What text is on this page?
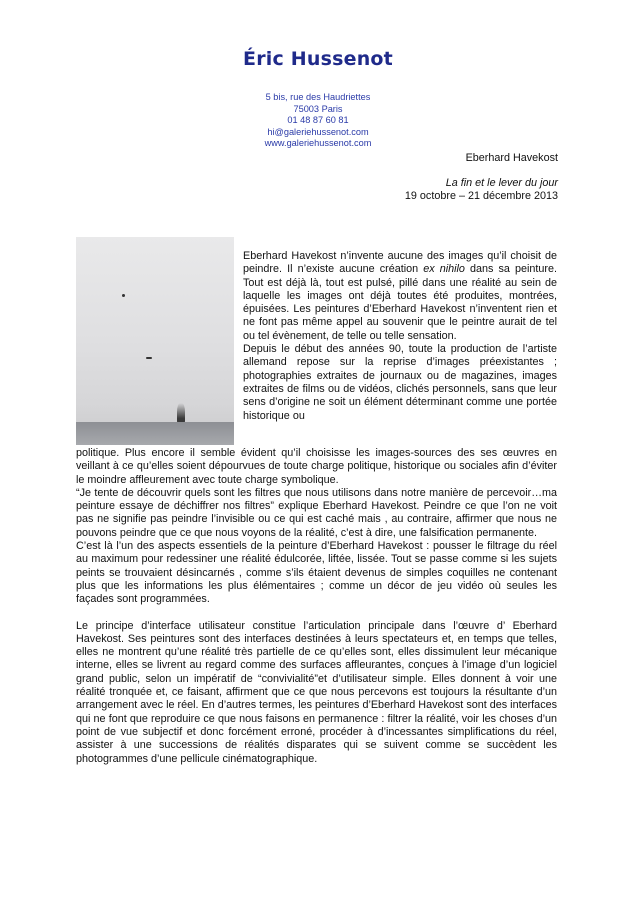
Éric Hussenot
5 bis, rue des Haudriettes
75003 Paris
01 48 87 60 81
hi@galeriehussenot.com
www.galeriehussenot.com
Eberhard Havekost
La fin et le lever du jour
19 octobre – 21 décembre 2013

Eberhard Havekost n’invente aucune des images qu’il choisit de peindre. Il n’existe aucune création ex nihilo dans sa peinture. Tout est déjà là, tout est pulsé, pillé dans une réalité au sein de laquelle les images ont déjà toutes été produites, montrées, épuisées. Les peintures d’Eberhard Havekost n’inventent rien et ne font pas même appel au souvenir que le peintre aurait de tel ou tel évènement, de telle ou telle sensation.

Depuis le début des années 90, toute la production de l’artiste allemand repose sur la reprise d’images préexistantes ; photographies extraites de journaux ou de magazines, images extraites de films ou de vidéos, clichés personnels, sans que leur sens d’origine ne soit un élément déterminant comme une portée historique ou

politique. Plus encore il semble évident qu’il choisisse les images-sources des ses œuvres en veillant à ce qu’elles soient dépourvues de toute charge politique, historique ou sociales afin d’éviter le moindre affleurement avec toute charge symbolique.

“Je tente de découvrir quels sont les filtres que nous utilisons dans notre manière de percevoir…ma peinture essaye de déchiffrer nos filtres” explique Eberhard Havekost. Peindre ce que l’on ne voit pas ne signifie pas peindre l’invisible ou ce qui est caché mais , au contraire, affirmer que nous ne pouvons peindre que ce que nous voyons de la réalité, c’est à dire, une falsification permanente.

C’est là l’un des aspects essentiels de la peinture d’Eberhard Havekost : pousser le filtrage du réel au maximum pour redessiner une réalité édulcorée, liftée, lissée. Tout se passe comme si les sujets peints se trouvaient désincarnés , comme s’ils étaient devenus de simples coquilles ne contenant plus que les informations les plus élémentaires ; comme un décor de jeu vidéo où seules les façades sont programmées.

Le principe d’interface utilisateur constitue l’articulation principale dans l’œuvre d’ Eberhard Havekost. Ses peintures sont des interfaces destinées à leurs spectateurs et, en temps que telles, elles ne montrent qu’une réalité très partielle de ce qu’elles sont, elles dissimulent leur mécanique interne, elles se livrent au regard comme des surfaces affleurantes, conçues à l’image d’un logiciel grand public, selon un impératif de “convivialité”et d’utilisateur simple. Elles donnent à voir une réalité tronquée et, ce faisant, affirment que ce que nous percevons est toujours la résultante d’un arrangement avec le réel. En d’autres termes, les peintures d’Eberhard Havekost sont des interfaces qui ne font que reproduire ce que nous faisons en permanence : filtrer la réalité, voir les choses d’un point de vue subjectif et donc forcément erroné, procéder à d’incessantes simplifications du réel, assister à une successions de réalités disparates qui se suivent comme se succèdent les photogrammes d’une pellicule cinématographique.
